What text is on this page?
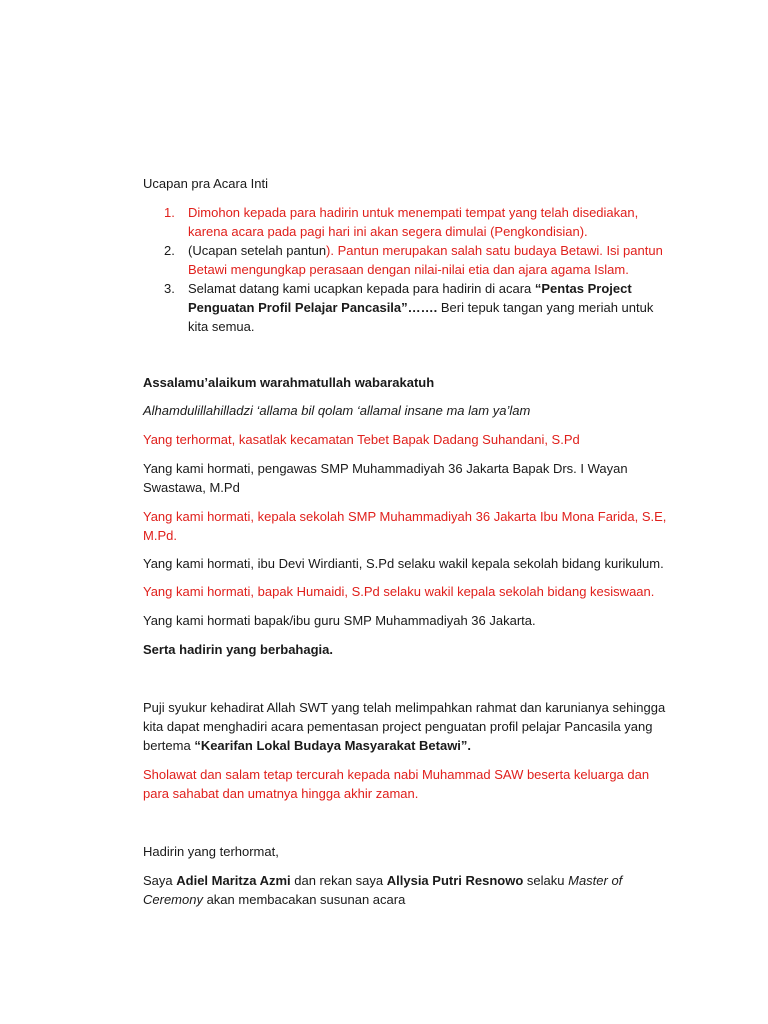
Ucapan pra Acara Inti

1. Dimohon kepada para hadirin untuk menempati tempat yang telah disediakan, karena acara pada pagi hari ini akan segera dimulai (Pengkondisian).
2. (Ucapan setelah pantun). Pantun merupakan salah satu budaya Betawi. Isi pantun Betawi mengungkap perasaan dengan nilai-nilai etia dan ajara agama Islam.
3. Selamat datang kami ucapkan kepada para hadirin di acara “Pentas Project Penguatan Profil Pelajar Pancasila”……. Beri tepuk tangan yang meriah untuk kita semua.

Assalamu’alaikum warahmatullah wabarakatuh

Alhamdulillahilladzi ‘allama bil qolam ‘allamal insane ma lam ya’lam

Yang terhormat, kasatlak kecamatan Tebet Bapak Dadang Suhandani, S.Pd

Yang kami hormati, pengawas SMP Muhammadiyah 36 Jakarta Bapak Drs. I Wayan Swastawa, M.Pd

Yang kami hormati, kepala sekolah SMP Muhammadiyah 36 Jakarta Ibu Mona Farida, S.E, M.Pd.

Yang kami hormati, ibu Devi Wirdianti, S.Pd selaku wakil kepala sekolah bidang kurikulum.

Yang kami hormati, bapak Humaidi, S.Pd selaku wakil kepala sekolah bidang kesiswaan.

Yang kami hormati bapak/ibu guru SMP Muhammadiyah 36 Jakarta.

Serta hadirin yang berbahagia.

Puji syukur kehadirat Allah SWT yang telah melimpahkan rahmat dan karunianya sehingga kita dapat menghadiri acara pementasan project penguatan profil pelajar Pancasila yang bertema “Kearifan Lokal Budaya Masyarakat Betawi”.

Sholawat dan salam tetap tercurah kepada nabi Muhammad SAW beserta keluarga dan para sahabat dan umatnya hingga akhir zaman.

Hadirin yang terhormat,

Saya Adiel Maritza Azmi dan rekan saya Allysia Putri Resnowo selaku Master of Ceremony akan membacakan susunan acara
